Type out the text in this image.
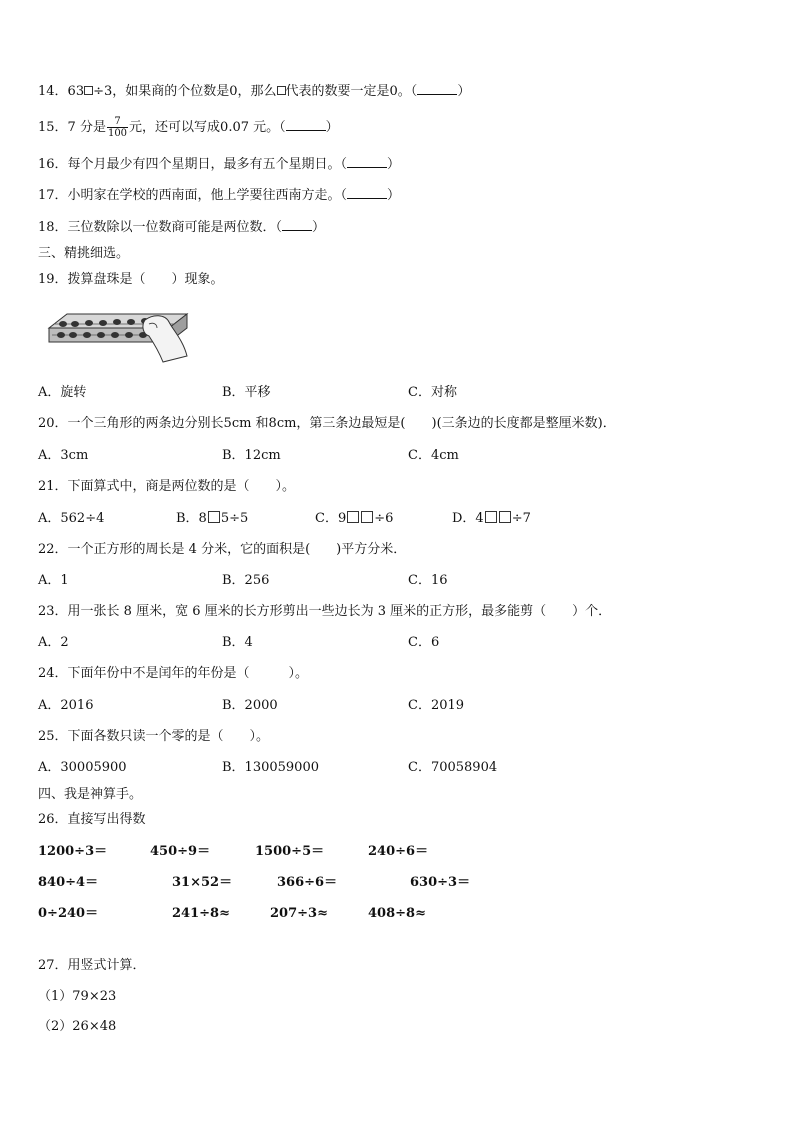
14．63 ÷3，如果商的个位数是0，那么 代表的数要一定是0。（	）
15．7 分是 $\frac{7}{100}$ 元，还可以写成0.07 元。（	）
16．每个月最少有四个星期日，最多有五个星期日。（	）
17．小明家在学校的西南面，他上学要往西南方走。（	）
18．三位数除以一位数商可能是两位数．（ ）
三、精挑细选。
19．拨算盘珠是（　　）现象。
A．旋转	B．平移	C．对称
20．一个三角形的两条边分别长5cm 和8cm，第三条边最短是(　　)(三条边的长度都是整厘米数)．
A．3cm	B．12cm	C．4cm
21．下面算式中，商是两位数的是（　　）。
A．562÷4	B．8 5÷5	C．9 ÷6	D．4 ÷7
22．一个正方形的周长是 4 分米，它的面积是(　　)平方分米．
A．1	B．256	C．16
23．用一张长 8 厘米，宽 6 厘米的长方形剪出一些边长为 3 厘米的正方形，最多能剪（　　）个．
A．2	B．4	C．6
24．下面年份中不是闰年的年份是（　　　）。
A．2016	B．2000	C．2019
25．下面各数只读一个零的是（　　）。
A．30005900	B．130059000	C．70058904
四、我是神算手。
26．直接写出得数
1200÷3＝	450÷9＝	1500÷5＝	240÷6＝
840÷4＝	31×52＝	366÷6＝	630÷3＝
0÷240＝	241÷8≈	207÷3≈	408÷8≈
27．用竖式计算．
（1）79×23
（2）26×48
